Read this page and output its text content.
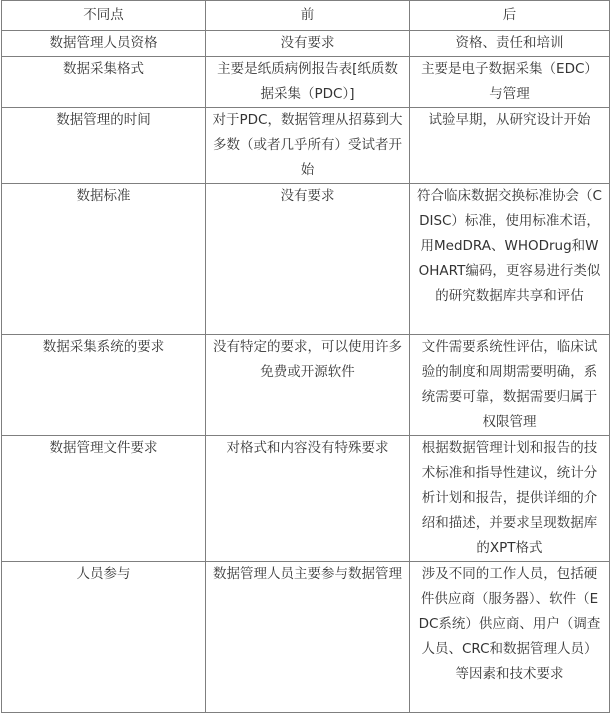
不同点	前	后
数据管理人员资格	没有要求	资格、责任和培训
数据采集格式	主要是纸质病例报告表[纸质数据采集（PDC）]	主要是电子数据采集（EDC）与管理
数据管理的时间	对于PDC，数据管理从招募到大多数（或者几乎所有）受试者开始	试验早期，从研究设计开始
数据标准	没有要求	符合临床数据交换标准协会（CDISC）标准，使用标准术语，用MedDRA、WHODrug和WOHART编码，更容易进行类似的研究数据库共享和评估
数据采集系统的要求	没有特定的要求，可以使用许多免费或开源软件	文件需要系统性评估，临床试验的制度和周期需要明确，系统需要可靠，数据需要归属于权限管理
数据管理文件要求	对格式和内容没有特殊要求	根据数据管理计划和报告的技术标准和指导性建议，统计分析计划和报告，提供详细的介绍和描述，并要求呈现数据库的XPT格式
人员参与	数据管理人员主要参与数据管理	涉及不同的工作人员，包括硬件供应商（服务器）、软件（EDC系统）供应商、用户（调查人员、CRC和数据管理人员）等因素和技术要求
